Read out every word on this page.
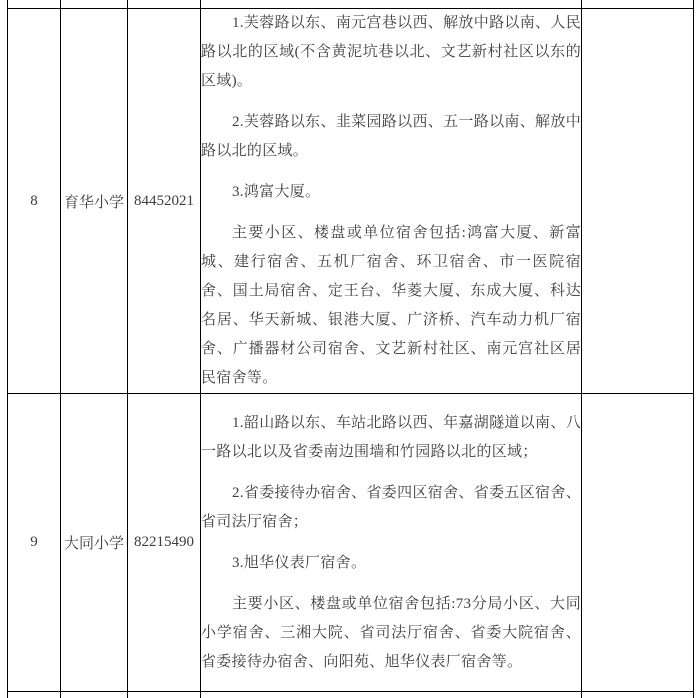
8	育华小学	84452021	1.芙蓉路以东、南元宫巷以西、解放中路以南、人民路以北的区域(不含黄泥坑巷以北、文艺新村社区以东的区域)。

2.芙蓉路以东、韭菜园路以西、五一路以南、解放中路以北的区域。

3.鸿富大厦。

主要小区、楼盘或单位宿舍包括:鸿富大厦、新富城、建行宿舍、五机厂宿舍、环卫宿舍、市一医院宿舍、国土局宿舍、定王台、华菱大厦、东成大厦、科达名居、华天新城、银港大厦、广济桥、汽车动力机厂宿舍、广播器材公司宿舍、文艺新村社区、南元宫社区居民宿舍等。	

9	大同小学	82215490	1.韶山路以东、车站北路以西、年嘉湖隧道以南、八一路以北以及省委南边围墙和竹园路以北的区域；

2.省委接待办宿舍、省委四区宿舍、省委五区宿舍、省司法厅宿舍；

3.旭华仪表厂宿舍。

主要小区、楼盘或单位宿舍包括:73分局小区、大同小学宿舍、三湘大院、省司法厅宿舍、省委大院宿舍、省委接待办宿舍、向阳苑、旭华仪表厂宿舍等。	
